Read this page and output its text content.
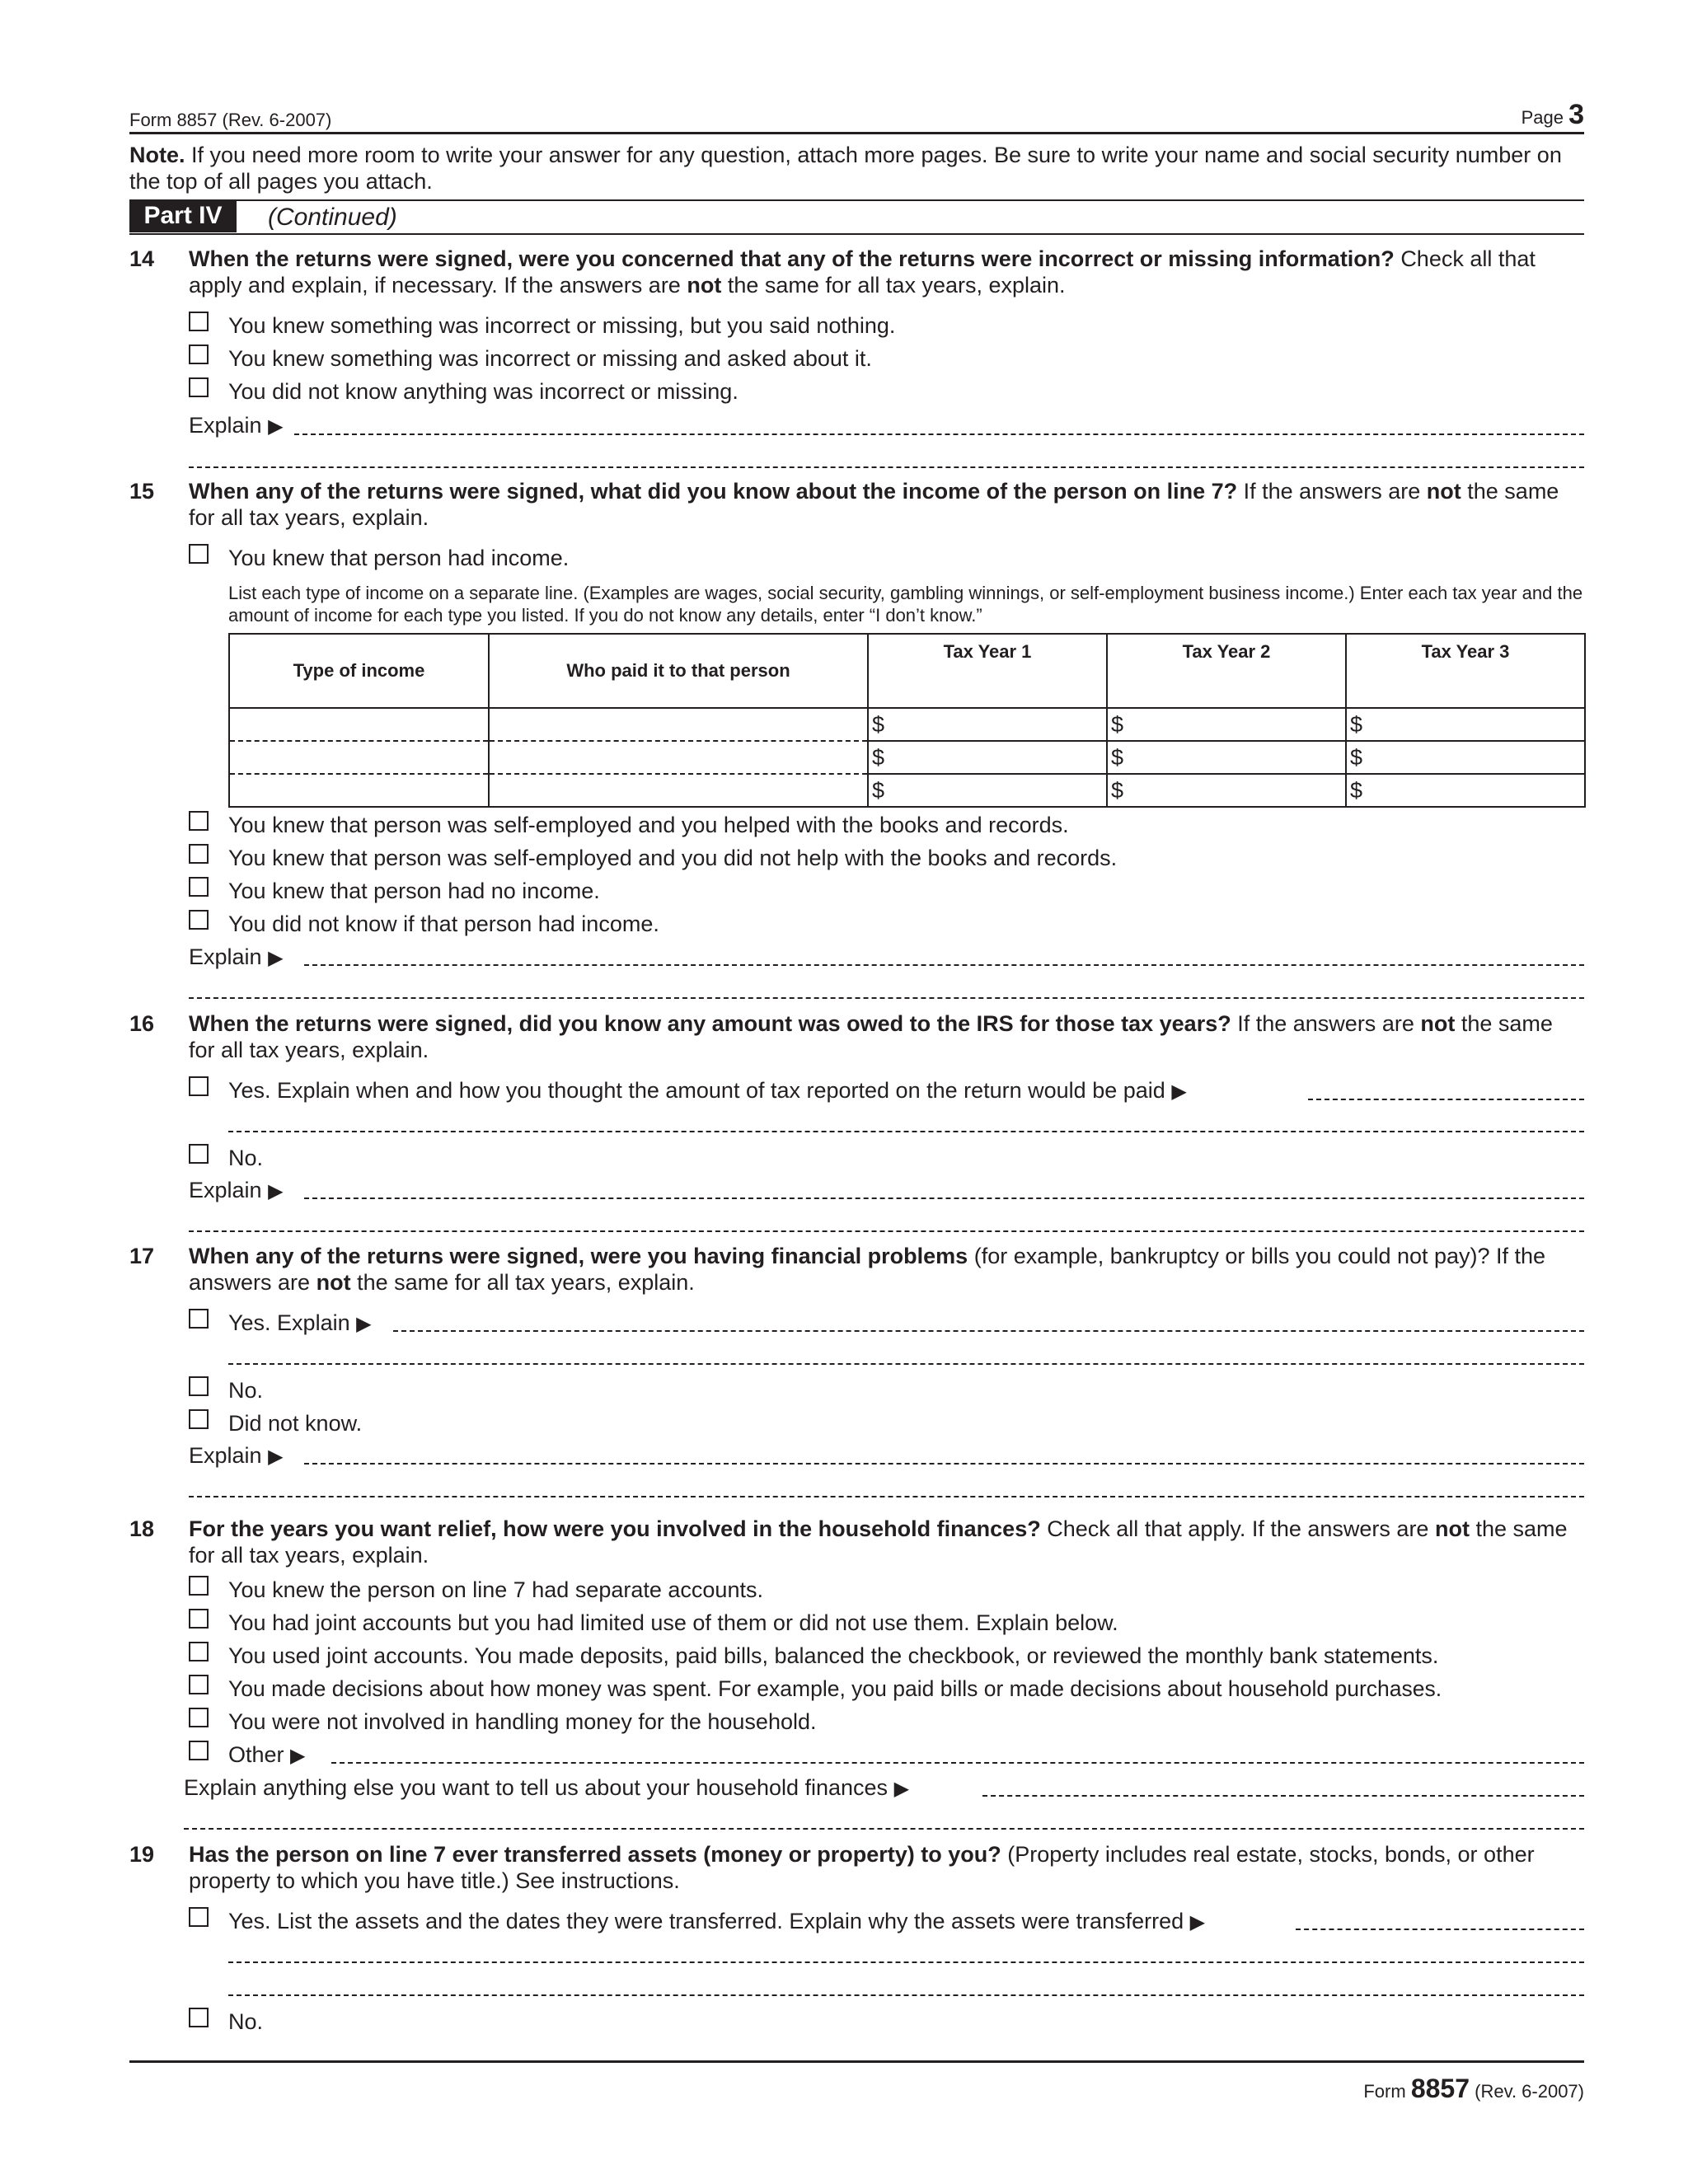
Form 8857 (Rev. 6-2007)	Page 3
Note. If you need more room to write your answer for any question, attach more pages. Be sure to write your name and social security number on the top of all pages you attach.
Part IV	(Continued)
14	When the returns were signed, were you concerned that any of the returns were incorrect or missing information? Check all that apply and explain, if necessary. If the answers are not the same for all tax years, explain.
You knew something was incorrect or missing, but you said nothing.
You knew something was incorrect or missing and asked about it.
You did not know anything was incorrect or missing.
Explain ▶
15	When any of the returns were signed, what did you know about the income of the person on line 7? If the answers are not the same for all tax years, explain.
You knew that person had income.
List each type of income on a separate line. (Examples are wages, social security, gambling winnings, or self-employment business income.) Enter each tax year and the amount of income for each type you listed. If you do not know any details, enter “I don’t know.”
Type of income	Who paid it to that person	Tax Year 1	Tax Year 2	Tax Year 3
		$	$	$
		$	$	$
		$	$	$
You knew that person was self-employed and you helped with the books and records.
You knew that person was self-employed and you did not help with the books and records.
You knew that person had no income.
You did not know if that person had income.
Explain ▶
16	When the returns were signed, did you know any amount was owed to the IRS for those tax years? If the answers are not the same for all tax years, explain.
Yes. Explain when and how you thought the amount of tax reported on the return would be paid ▶
No.
Explain ▶
17	When any of the returns were signed, were you having financial problems (for example, bankruptcy or bills you could not pay)? If the answers are not the same for all tax years, explain.
Yes. Explain ▶
No.
Did not know.
Explain ▶
18	For the years you want relief, how were you involved in the household finances? Check all that apply. If the answers are not the same for all tax years, explain.
You knew the person on line 7 had separate accounts.
You had joint accounts but you had limited use of them or did not use them. Explain below.
You used joint accounts. You made deposits, paid bills, balanced the checkbook, or reviewed the monthly bank statements.
You made decisions about how money was spent. For example, you paid bills or made decisions about household purchases.
You were not involved in handling money for the household.
Other ▶
Explain anything else you want to tell us about your household finances ▶
19	Has the person on line 7 ever transferred assets (money or property) to you? (Property includes real estate, stocks, bonds, or other property to which you have title.) See instructions.
Yes. List the assets and the dates they were transferred. Explain why the assets were transferred ▶
No.
Form 8857 (Rev. 6-2007)
